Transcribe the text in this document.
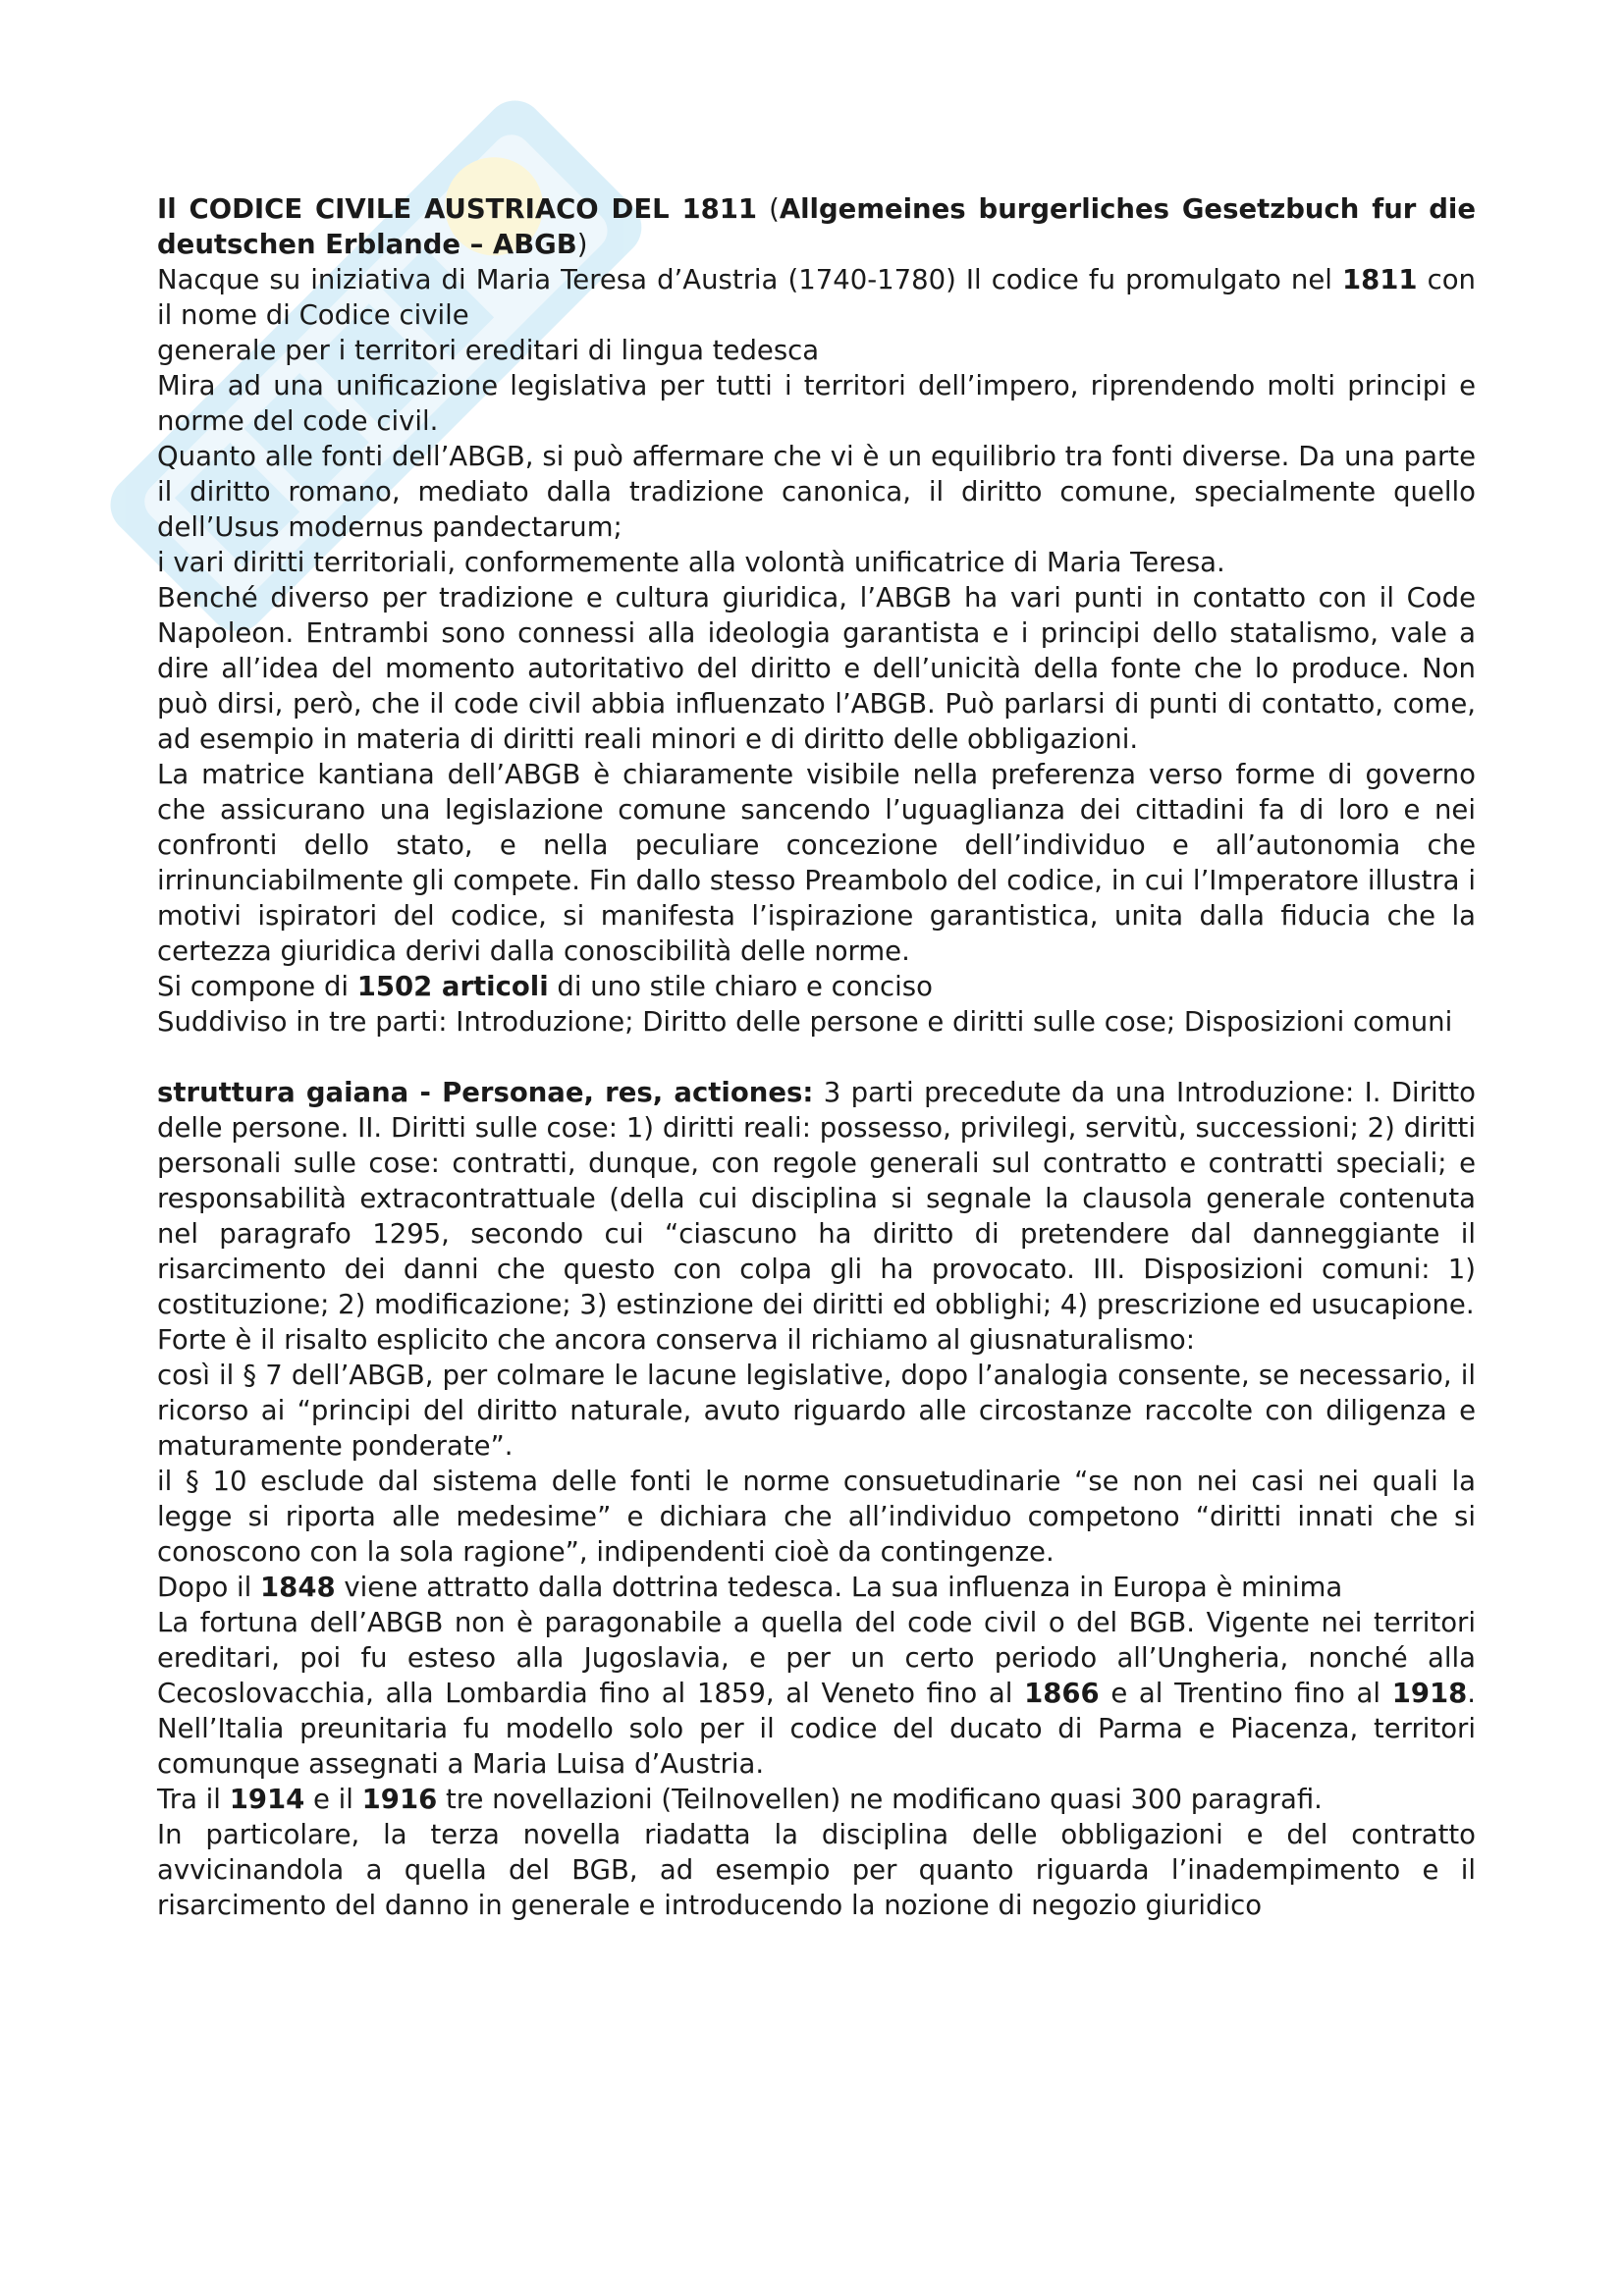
Il CODICE CIVILE AUSTRIACO DEL 1811 (Allgemeines burgerliches Gesetzbuch fur die deutschen Erblande – ABGB)

Nacque su iniziativa di Maria Teresa d’Austria (1740-1780) Il codice fu promulgato nel 1811 con il nome di Codice civile

generale per i territori ereditari di lingua tedesca

Mira ad una unificazione legislativa per tutti i territori dell’impero, riprendendo molti principi e norme del code civil.

Quanto alle fonti dell’ABGB, si può affermare che vi è un equilibrio tra fonti diverse. Da una parte il diritto romano, mediato dalla tradizione canonica, il diritto comune, specialmente quello dell’Usus modernus pandectarum;

i vari diritti territoriali, conformemente alla volontà unificatrice di Maria Teresa.

Benché diverso per tradizione e cultura giuridica, l’ABGB ha vari punti in contatto con il Code Napoleon. Entrambi sono connessi alla ideologia garantista e i principi dello statalismo, vale a dire all’idea del momento autoritativo del diritto e dell’unicità della fonte che lo produce. Non può dirsi, però, che il code civil abbia influenzato l’ABGB. Può parlarsi di punti di contatto, come, ad esempio in materia di diritti reali minori e di diritto delle obbligazioni.

La matrice kantiana dell’ABGB è chiaramente visibile nella preferenza verso forme di governo che assicurano una legislazione comune sancendo l’uguaglianza dei cittadini fa di loro e nei confronti dello stato, e nella peculiare concezione dell’individuo e all’autonomia che irrinunciabilmente gli compete. Fin dallo stesso Preambolo del codice, in cui l’Imperatore illustra i motivi ispiratori del codice, si manifesta l’ispirazione garantistica, unita dalla fiducia che la certezza giuridica derivi dalla conoscibilità delle norme.

Si compone di 1502 articoli di uno stile chiaro e conciso

Suddiviso in tre parti: Introduzione; Diritto delle persone e diritti sulle cose; Disposizioni comuni

struttura gaiana - Personae, res, actiones: 3 parti precedute da una Introduzione: I. Diritto delle persone. II. Diritti sulle cose: 1) diritti reali: possesso, privilegi, servitù, successioni; 2) diritti personali sulle cose: contratti, dunque, con regole generali sul contratto e contratti speciali; e responsabilità extracontrattuale (della cui disciplina si segnale la clausola generale contenuta nel paragrafo 1295, secondo cui “ciascuno ha diritto di pretendere dal danneggiante il risarcimento dei danni che questo con colpa gli ha provocato. III. Disposizioni comuni: 1) costituzione; 2) modificazione; 3) estinzione dei diritti ed obblighi; 4) prescrizione ed usucapione.

Forte è il risalto esplicito che ancora conserva il richiamo al giusnaturalismo:

così il § 7 dell’ABGB, per colmare le lacune legislative, dopo l’analogia consente, se necessario, il ricorso ai “principi del diritto naturale, avuto riguardo alle circostanze raccolte con diligenza e maturamente ponderate”.

il § 10 esclude dal sistema delle fonti le norme consuetudinarie “se non nei casi nei quali la legge si riporta alle medesime” e dichiara che all’individuo competono “diritti innati che si conoscono con la sola ragione”, indipendenti cioè da contingenze.

Dopo il 1848 viene attratto dalla dottrina tedesca. La sua influenza in Europa è minima

La fortuna dell’ABGB non è paragonabile a quella del code civil o del BGB. Vigente nei territori ereditari, poi fu esteso alla Jugoslavia, e per un certo periodo all’Ungheria, nonché alla Cecoslovacchia, alla Lombardia fino al 1859, al Veneto fino al 1866 e al Trentino fino al 1918. Nell’Italia preunitaria fu modello solo per il codice del ducato di Parma e Piacenza, territori comunque assegnati a Maria Luisa d’Austria.

Tra il 1914 e il 1916 tre novellazioni (Teilnovellen) ne modificano quasi 300 paragrafi.

In particolare, la terza novella riadatta la disciplina delle obbligazioni e del contratto avvicinandola a quella del BGB, ad esempio per quanto riguarda l’inadempimento e il risarcimento del danno in generale e introducendo la nozione di negozio giuridico
